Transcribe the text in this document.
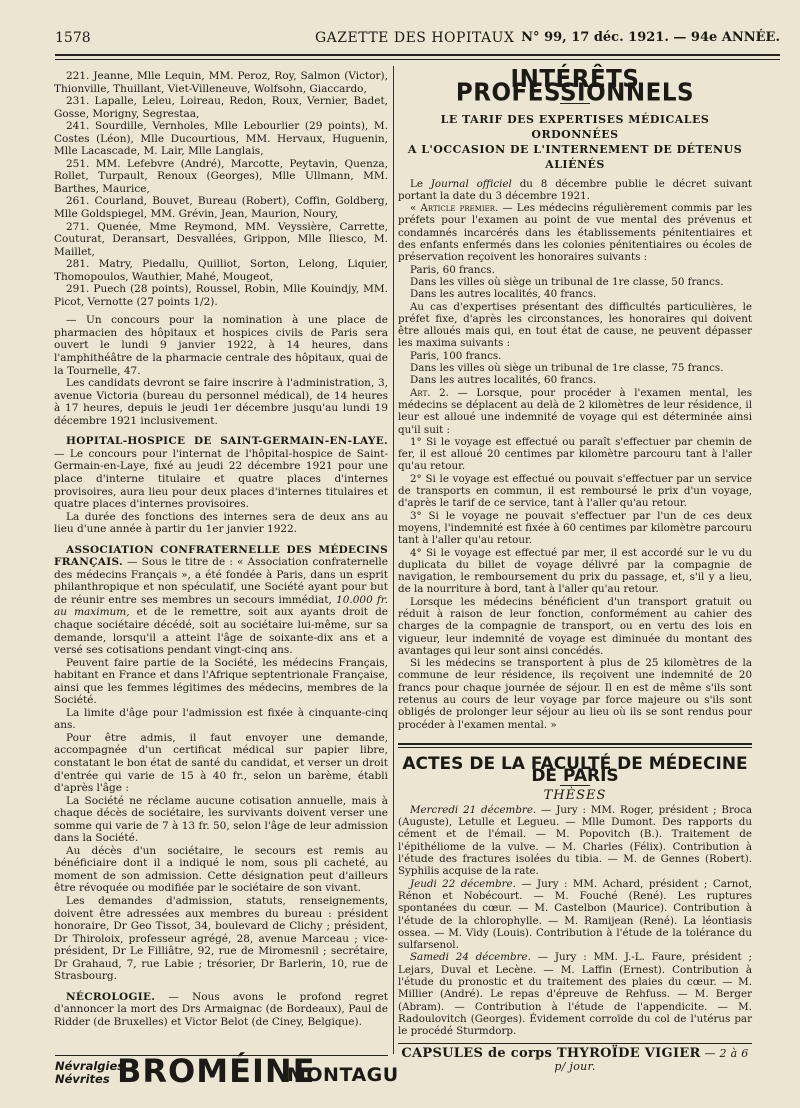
1578	GAZETTE DES HOPITAUX N° 99, 17 déc. 1921. — 94e ANNÉE.

221. Jeanne, Mlle Lequin, MM. Peroz, Roy, Salmon (Victor), Thionville, Thuillant, Viet-Villeneuve, Wolfsohn, Giaccardo,

231. Lapalle, Leleu, Loireau, Redon, Roux, Vernier, Badet, Gosse, Morigny, Segrestaa,

241. Sourdille, Vernholes, Mlle Lebourlier (29 points), M. Costes (Léon), Mlle Ducourtious, MM. Hervaux, Huguenin, Mlle Lacascade, M. Lair, Mlle Langlais,

251. MM. Lefebvre (André), Marcotte, Peytavin, Quenza, Rollet, Turpault, Renoux (Georges), Mlle Ullmann, MM. Barthes, Maurice,

261. Courland, Bouvet, Bureau (Robert), Coffin, Goldberg, Mlle Goldspiegel, MM. Grévin, Jean, Maurion, Noury,

271. Quenée, Mme Reymond, MM. Veyssière, Carrette, Couturat, Deransart, Desvallées, Grippon, Mlle Iliesco, M. Maillet,

281. Matry, Piedallu, Quilliot, Sorton, Lelong, Liquier, Thomopoulos, Wauthier, Mahé, Mougeot,

291. Puech (28 points), Roussel, Robin, Mlle Kouindjy, MM. Picot, Vernotte (27 points 1/2).

— Un concours pour la nomination à une place de pharmacien des hôpitaux et hospices civils de Paris sera ouvert le lundi 9 janvier 1922, à 14 heures, dans l'amphithéâtre de la pharmacie centrale des hôpitaux, quai de la Tournelle, 47.

Les candidats devront se faire inscrire à l'administration, 3, avenue Victoria (bureau du personnel médical), de 14 heures à 17 heures, depuis le jeudi 1er décembre jusqu'au lundi 19 décembre 1921 inclusivement.

HOPITAL-HOSPICE DE SAINT-GERMAIN-EN-LAYE. — Le concours pour l'internat de l'hôpital-hospice de Saint-Germain-en-Laye, fixé au jeudi 22 décembre 1921 pour une place d'interne titulaire et quatre places d'internes provisoires, aura lieu pour deux places d'internes titulaires et quatre places d'internes provisoires.

La durée des fonctions des internes sera de deux ans au lieu d'une année à partir du 1er janvier 1922.

ASSOCIATION CONFRATERNELLE DES MÉDECINS FRANÇAIS. — Sous le titre de : « Association confraternelle des médecins Français », a été fondée à Paris, dans un esprit philanthropique et non spéculatif, une Société ayant pour but de réunir entre ses membres un secours immédiat, 10.000 fr. au maximum, et de le remettre, soit aux ayants droit de chaque sociétaire décédé, soit au sociétaire lui-même, sur sa demande, lorsqu'il a atteint l'âge de soixante-dix ans et a versé ses cotisations pendant vingt-cinq ans.

Peuvent faire partie de la Société, les médecins Français, habitant en France et dans l'Afrique septentrionale Française, ainsi que les femmes légitimes des médecins, membres de la Société.

La limite d'âge pour l'admission est fixée à cinquante-cinq ans.

Pour être admis, il faut envoyer une demande, accompagnée d'un certificat médical sur papier libre, constatant le bon état de santé du candidat, et verser un droit d'entrée qui varie de 15 à 40 fr., selon un barème, établi d'après l'âge :

La Société ne réclame aucune cotisation annuelle, mais à chaque décès de sociétaire, les survivants doivent verser une somme qui varie de 7 à 13 fr. 50, selon l'âge de leur admission dans la Société.

Au décès d'un sociétaire, le secours est remis au bénéficiaire dont il a indiqué le nom, sous pli cacheté, au moment de son admission. Cette désignation peut d'ailleurs être révoquée ou modifiée par le sociétaire de son vivant.

Les demandes d'admission, statuts, renseignements, doivent être adressées aux membres du bureau : président honoraire, Dr Geo Tissot, 34, boulevard de Clichy ; président, Dr Thiroloix, professeur agrégé, 28, avenue Marceau ; vice-président, Dr Le Filliâtre, 92, rue de Miromesnil ; secrétaire, Dr Grahaud, 7, rue Labie ; trésorier, Dr Barlerin, 10, rue de Strasbourg.

NÉCROLOGIE. — Nous avons le profond regret d'annoncer la mort des Drs Armaignac (de Bordeaux), Paul de Ridder (de Bruxelles) et Victor Belot (de Ciney, Belgique).

Névralgies
Névrites BROMÉINE
MONTAGU
INTÉRÊTS PROFESSIONNELS
LE TARIF DES EXPERTISES MÉDICALES ORDONNÉES
A L'OCCASION DE L'INTERNEMENT DE DÉTENUS ALIÉNÉS

Le Journal officiel du 8 décembre publie le décret suivant portant la date du 3 décembre 1921.

« Article premier. — Les médecins régulièrement commis par les préfets pour l'examen au point de vue mental des prévenus et condamnés incarcérés dans les établissements pénitentiaires et des enfants enfermés dans les colonies pénitentiaires ou écoles de préservation reçoivent les honoraires suivants :

Paris, 60 francs.

Dans les villes où siège un tribunal de 1re classe, 50 francs.

Dans les autres localités, 40 francs.

Au cas d'expertises présentant des difficultés particulières, le préfet fixe, d'après les circonstances, les honoraires qui doivent être alloués mais qui, en tout état de cause, ne peuvent dépasser les maxima suivants :

Paris, 100 francs.

Dans les villes où siège un tribunal de 1re classe, 75 francs.

Dans les autres localités, 60 francs.

Art. 2. — Lorsque, pour procéder à l'examen mental, les médecins se déplacent au delà de 2 kilomètres de leur résidence, il leur est alloué une indemnité de voyage qui est déterminée ainsi qu'il suit :

1° Si le voyage est effectué ou paraît s'effectuer par chemin de fer, il est alloué 20 centimes par kilomètre parcouru tant à l'aller qu'au retour.

2° Si le voyage est effectué ou pouvait s'effectuer par un service de transports en commun, il est remboursé le prix d'un voyage, d'après le tarif de ce service, tant à l'aller qu'au retour.

3° Si le voyage ne pouvait s'effectuer par l'un de ces deux moyens, l'indemnité est fixée à 60 centimes par kilomètre parcouru tant à l'aller qu'au retour.

4° Si le voyage est effectué par mer, il est accordé sur le vu du duplicata du billet de voyage délivré par la compagnie de navigation, le remboursement du prix du passage, et, s'il y a lieu, de la nourriture à bord, tant à l'aller qu'au retour.

Lorsque les médecins bénéficient d'un transport gratuit ou réduit à raison de leur fonction, conformément au cahier des charges de la compagnie de transport, ou en vertu des lois en vigueur, leur indemnité de voyage est diminuée du montant des avantages qui leur sont ainsi concédés.

Si les médecins se transportent à plus de 25 kilomètres de la commune de leur résidence, ils reçoivent une indemnité de 20 francs pour chaque journée de séjour. Il en est de même s'ils sont retenus au cours de leur voyage par force majeure ou s'ils sont obligés de prolonger leur séjour au lieu où ils se sont rendus pour procéder à l'examen mental. »

ACTES DE LA FACULTÉ DE MÉDECINE DE PARIS
THÈSES

Mercredi 21 décembre. — Jury : MM. Roger, président ; Broca (Auguste), Letulle et Legueu. — Mlle Dumont. Des rapports du cément et de l'émail. — M. Popovitch (B.). Traitement de l'épithéliome de la vulve. — M. Charles (Félix). Contribution à l'étude des fractures isolées du tibia. — M. de Gennes (Robert). Syphilis acquise de la rate.

Jeudi 22 décembre. — Jury : MM. Achard, président ; Carnot, Rénon et Nobécourt. — M. Fouché (René). Les ruptures spontanées du cœur. — M. Castelbon (Maurice). Contribution à l'étude de la chlorophylle. — M. Ramijean (René). La léontiasis ossea. — M. Vidy (Louis). Contribution à l'étude de la tolérance du sulfarsenol.

Samedi 24 décembre. — Jury : MM. J.-L. Faure, président ; Lejars, Duval et Lecène. — M. Laffin (Ernest). Contribution à l'étude du pronostic et du traitement des plaies du cœur. — M. Millier (André). Le repas d'épreuve de Rehfuss. — M. Berger (Abram). — Contribution à l'étude de l'appendicite. — M. Radoulovitch (Georges). Évidement corroïde du col de l'utérus par le procédé Sturmdorp.

CAPSULES de corps THYROÏDE VIGIER — 2 à 6 p/ jour.
